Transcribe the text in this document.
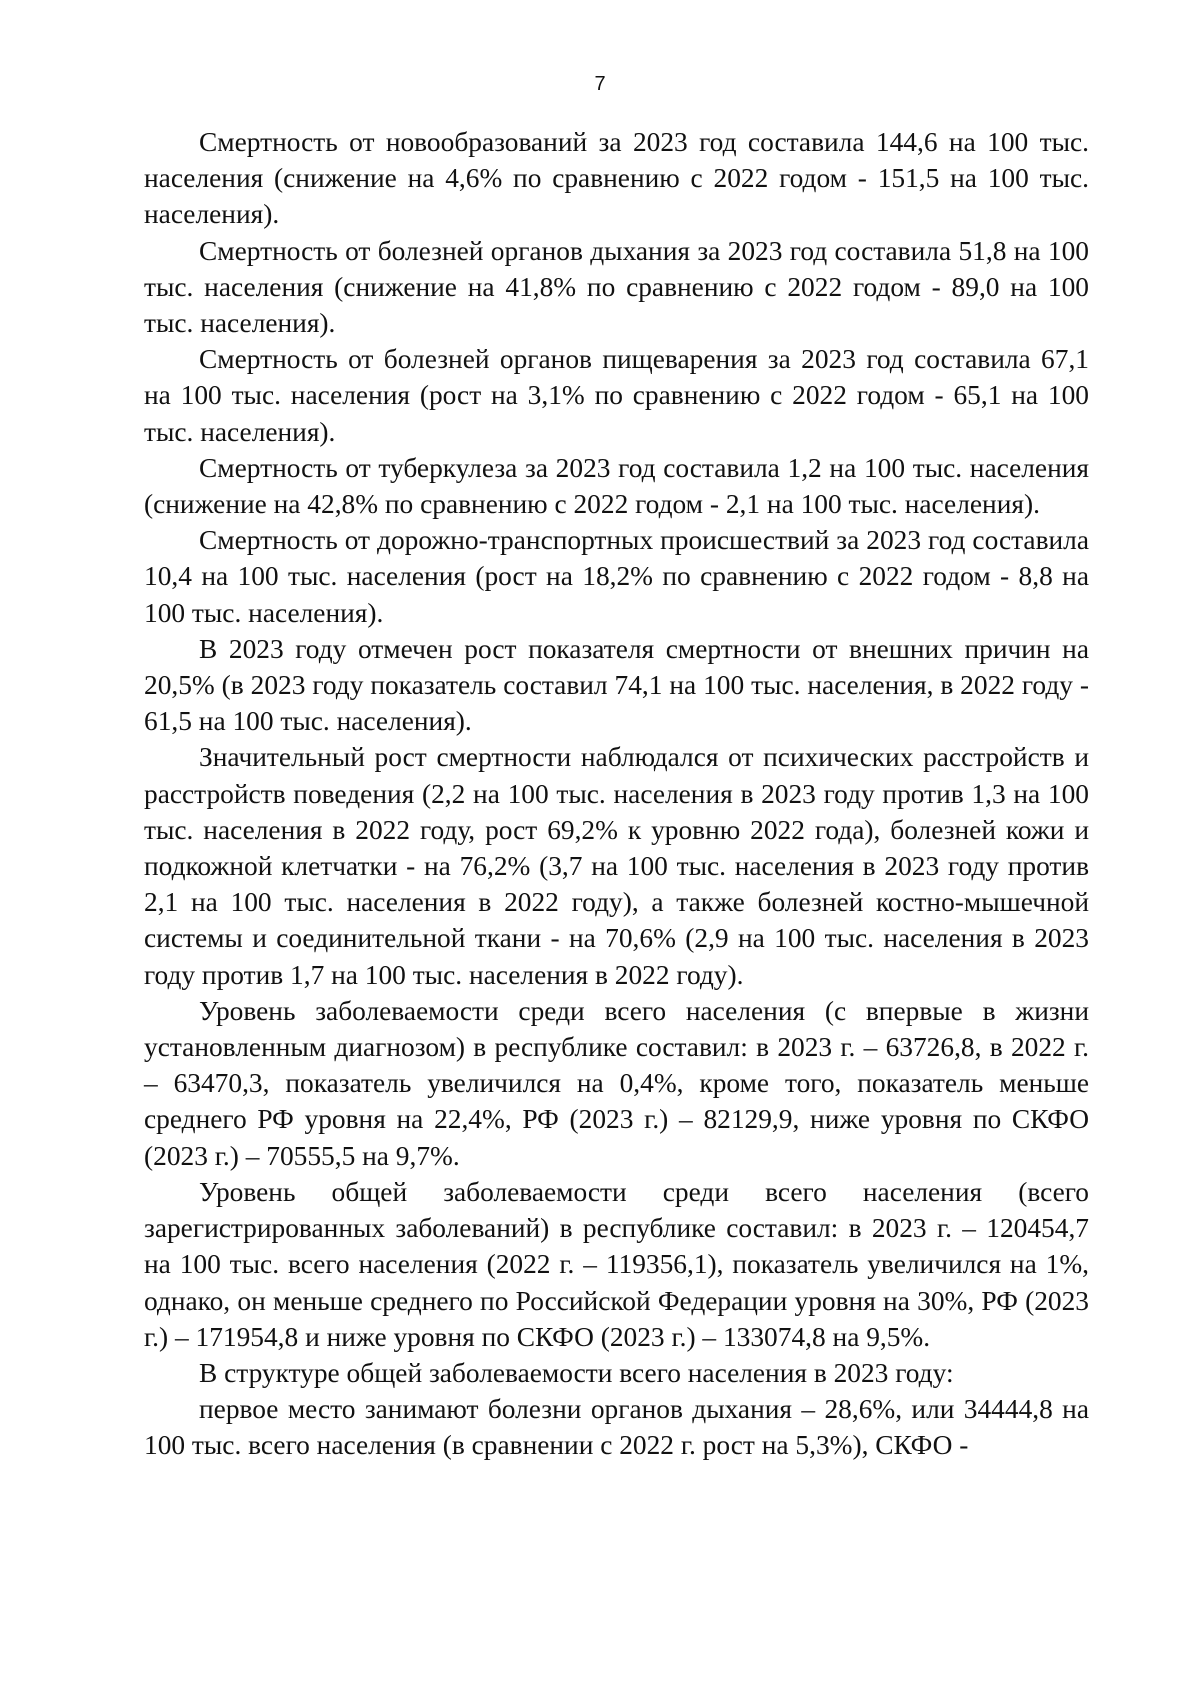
7

Смертность от новообразований за 2023 год составила 144,6 на 100 тыс. населения (снижение на 4,6% по сравнению с 2022 годом - 151,5 на 100 тыс. населения).

Смертность от болезней органов дыхания за 2023 год составила 51,8 на 100 тыс. населения (снижение на 41,8% по сравнению с 2022 годом - 89,0 на 100 тыс. населения).

Смертность от болезней органов пищеварения за 2023 год составила 67,1 на 100 тыс. населения (рост на 3,1% по сравнению с 2022 годом - 65,1 на 100 тыс. населения).

Смертность от туберкулеза за 2023 год составила 1,2 на 100 тыс. населения (снижение на 42,8% по сравнению с 2022 годом - 2,1 на 100 тыс. населения).

Смертность от дорожно-транспортных происшествий за 2023 год составила 10,4 на 100 тыс. населения (рост на 18,2% по сравнению с 2022 годом - 8,8 на 100 тыс. населения).

В 2023 году отмечен рост показателя смертности от внешних причин на 20,5% (в 2023 году показатель составил 74,1 на 100 тыс. населения, в 2022 году - 61,5 на 100 тыс. населения).

Значительный рост смертности наблюдался от психических расстройств и расстройств поведения (2,2 на 100 тыс. населения в 2023 году против 1,3 на 100 тыс. населения в 2022 году, рост 69,2% к уровню 2022 года), болезней кожи и подкожной клетчатки - на 76,2% (3,7 на 100 тыс. населения в 2023 году против 2,1 на 100 тыс. населения в 2022 году), а также болезней костно-мышечной системы и соединительной ткани - на 70,6% (2,9 на 100 тыс. населения в 2023 году против 1,7 на 100 тыс. населения в 2022 году).

Уровень заболеваемости среди всего населения (с впервые в жизни установленным диагнозом) в республике составил: в 2023 г. – 63726,8, в 2022 г. – 63470,3, показатель увеличился на 0,4%, кроме того, показатель меньше среднего РФ уровня на 22,4%, РФ (2023 г.) – 82129,9, ниже уровня по СКФО (2023 г.) – 70555,5 на 9,7%.

Уровень общей заболеваемости среди всего населения (всего зарегистрированных заболеваний) в республике составил: в 2023 г. – 120454,7 на 100 тыс. всего населения (2022 г. – 119356,1), показатель увеличился на 1%, однако, он меньше среднего по Российской Федерации уровня на 30%, РФ (2023 г.) – 171954,8 и ниже уровня по СКФО (2023 г.) – 133074,8 на 9,5%.

В структуре общей заболеваемости всего населения в 2023 году:

первое место занимают болезни органов дыхания – 28,6%, или 34444,8 на 100 тыс. всего населения (в сравнении с 2022 г. рост на 5,3%), СКФО -
